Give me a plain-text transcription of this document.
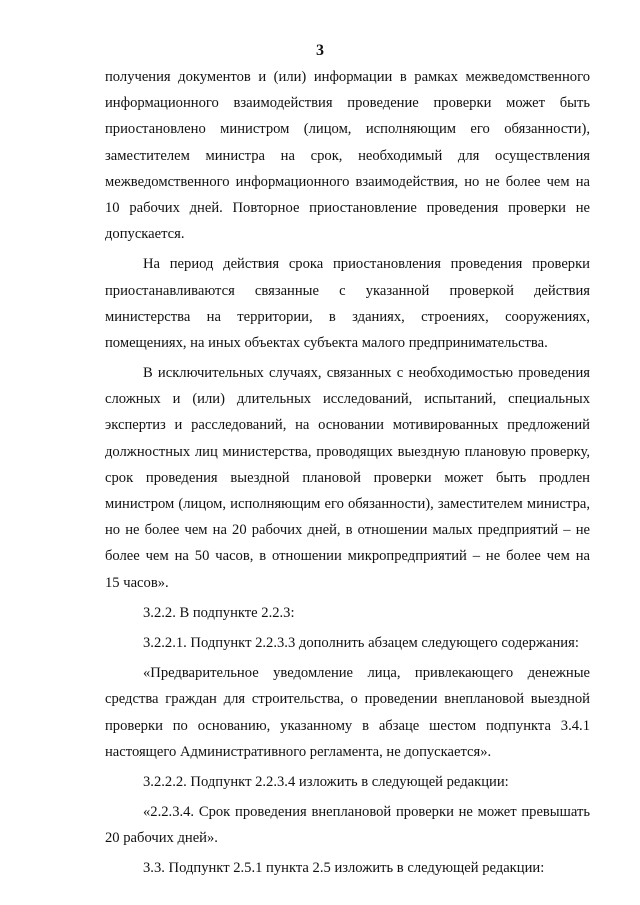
3
получения документов и (или) информации в рамках межведомственного
информационного взаимодействия проведение проверки может быть
приостановлено министром (лицом, исполняющим его обязанности),
заместителем министра на срок, необходимый для осуществления
межведомственного информационного взаимодействия, но не более чем на
10 рабочих дней. Повторное приостановление проведения проверки не
допускается.
На период действия срока приостановления проведения проверки
приостанавливаются связанные с указанной проверкой действия
министерства на территории, в зданиях, строениях, сооружениях,
помещениях, на иных объектах субъекта малого предпринимательства.
В исключительных случаях, связанных с необходимостью проведения
сложных и (или) длительных исследований, испытаний, специальных
экспертиз и расследований, на основании мотивированных предложений
должностных лиц министерства, проводящих выездную плановую проверку,
срок проведения выездной плановой проверки может быть продлен
министром (лицом, исполняющим его обязанности), заместителем министра,
но не более чем на 20 рабочих дней, в отношении малых предприятий – не
более чем на 50 часов, в отношении микропредприятий – не более чем на
15 часов».
3.2.2. В подпункте 2.2.3:
3.2.2.1. Подпункт 2.2.3.3 дополнить абзацем следующего содержания:
«Предварительное уведомление лица, привлекающего денежные
средства граждан для строительства, о проведении внеплановой выездной
проверки по основанию, указанному в абзаце шестом подпункта 3.4.1
настоящего Административного регламента, не допускается».
3.2.2.2. Подпункт 2.2.3.4 изложить в следующей редакции:
«2.2.3.4. Срок проведения внеплановой проверки не может превышать
20 рабочих дней».
3.3. Подпункт 2.5.1 пункта 2.5 изложить в следующей редакции:
